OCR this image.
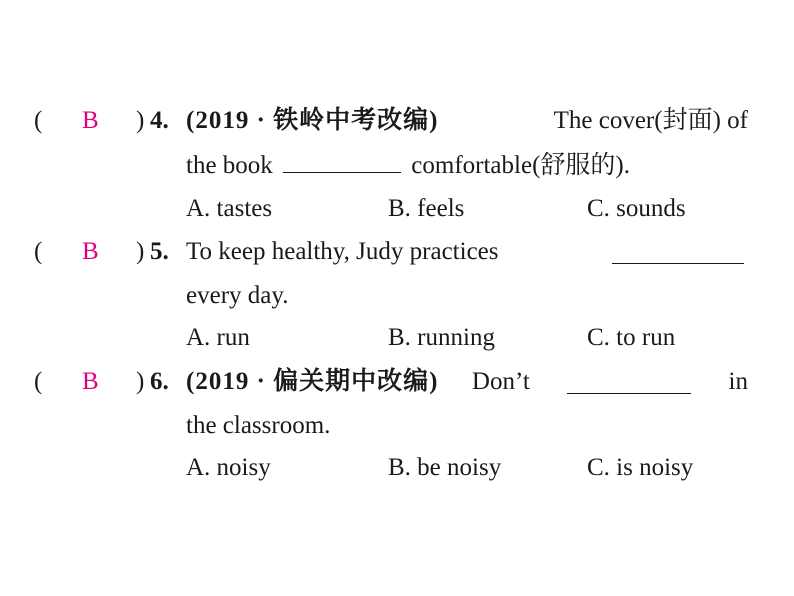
( B ) 4. (2019 · 铁岭中考改编)	The cover(封面) of
the book	comfortable(舒服的).
A. tastes	B. feels	C. sounds
( B ) 5. To keep healthy, Judy practices
every day.
A. run	B. running	C. to run
( B ) 6. (2019 · 偏关期中改编) Don’t	in
the classroom.
A. noisy	B. be noisy	C. is noisy
